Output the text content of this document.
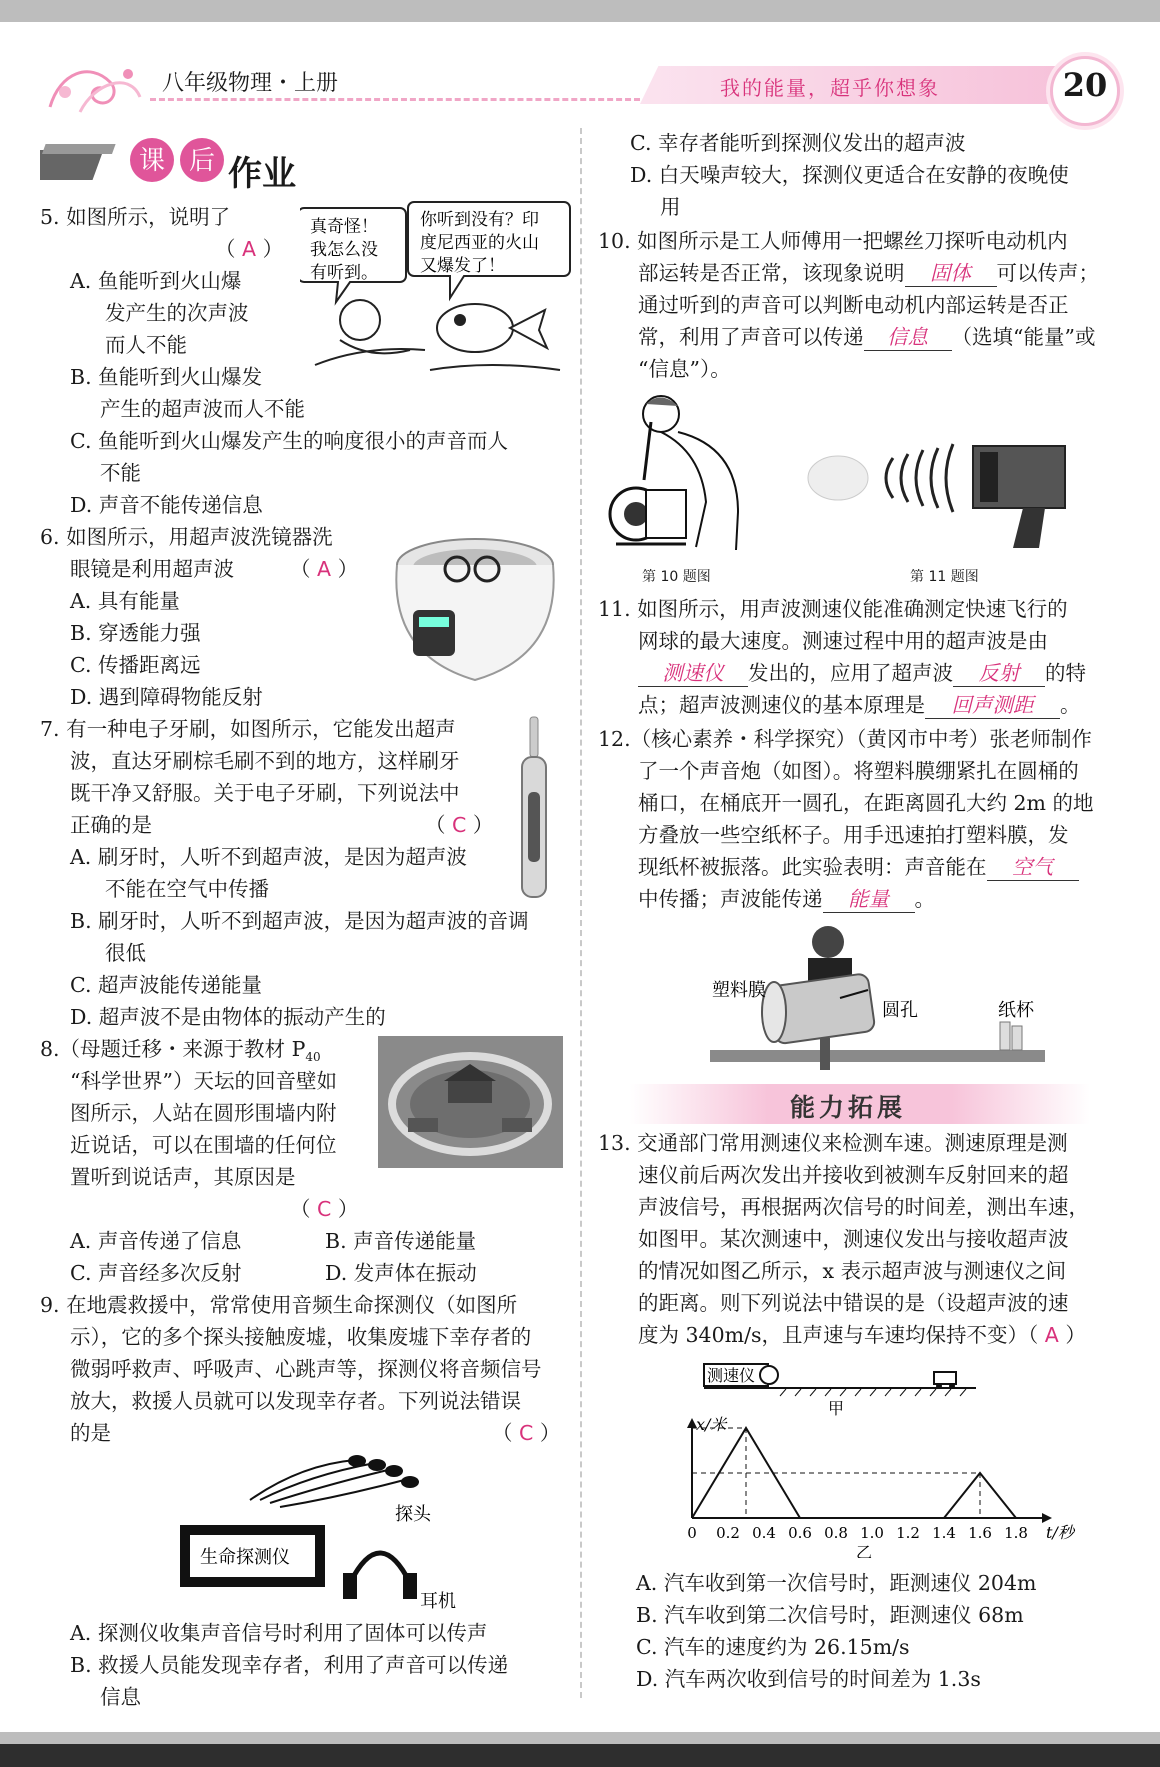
八年级物理・上册	我的能量，超乎你想象	20
课 后 作业
5. 如图所示，说明了
（ A ）
A. 鱼能听到火山爆
发产生的次声波
而人不能
B. 鱼能听到火山爆发
产生的超声波而人不能
C. 鱼能听到火山爆发产生的响度很小的声音而人
不能
D. 声音不能传递信息
真奇怪！
我怎么没
有听到。
你听到没有？印
度尼西亚的火山
又爆发了！
6. 如图所示，用超声波洗镜器洗
眼镜是利用超声波	（ A ）
A. 具有能量
B. 穿透能力强
C. 传播距离远
D. 遇到障碍物能反射
7. 有一种电子牙刷，如图所示，它能发出超声
波，直达牙刷棕毛刷不到的地方，这样刷牙
既干净又舒服。关于电子牙刷，下列说法中
正确的是	（ C ）
A. 刷牙时，人听不到超声波，是因为超声波
不能在空气中传播
B. 刷牙时，人听不到超声波，是因为超声波的音调
很低
C. 超声波能传递能量
D. 超声波不是由物体的振动产生的
8.（母题迁移・来源于教材 $P_{40}$
“科学世界”）天坛的回音壁如
图所示，人站在圆形围墙内附
近说话，可以在围墙的任何位
置听到说话声，其原因是
（ C ）
A. 声音传递了信息	B. 声音传递能量
C. 声音经多次反射	D. 发声体在振动
9. 在地震救援中，常常使用音频生命探测仪（如图所
示），它的多个探头接触废墟，收集废墟下幸存者的
微弱呼救声、呼吸声、心跳声等，探测仪将音频信号
放大，救援人员就可以发现幸存者。下列说法错误
的是	（ C ）
探头
生命探测仪
耳机
A. 探测仪收集声音信号时利用了固体可以传声
B. 救援人员能发现幸存者，利用了声音可以传递
信息
C. 幸存者能听到探测仪发出的超声波
D. 白天噪声较大，探测仪更适合在安静的夜晚使
用
10. 如图所示是工人师傅用一把螺丝刀探听电动机内
部运转是否正常，该现象说明 固体 可以传声；
通过听到的声音可以判断电动机内部运转是否正
常，利用了声音可以传递 信息 （选填“能量”或
“信息”）。
第 10 题图	第 11 题图
11. 如图所示，用声波测速仪能准确测定快速飞行的
网球的最大速度。测速过程中用的超声波是由
测速仪 发出的，应用了超声波 反射 的特
点；超声波测速仪的基本原理是 回声测距 。
12.（核心素养・科学探究）（黄冈市中考）张老师制作
了一个声音炮（如图）。将塑料膜绷紧扎在圆桶的
桶口，在桶底开一圆孔，在距离圆孔大约 2m 的地
方叠放一些空纸杯子。用手迅速拍打塑料膜，发
现纸杯被振落。此实验表明：声音能在 空气
中传播；声波能传递 能量 。
塑料膜
圆孔	纸杯
能力拓展
13. 交通部门常用测速仪来检测车速。测速原理是测
速仪前后两次发出并接收到被测车反射回来的超
声波信号，再根据两次信号的时间差，测出车速，
如图甲。某次测速中，测速仪发出与接收超声波
的情况如图乙所示，x 表示超声波与测速仪之间
的距离。则下列说法中错误的是（设超声波的速
度为 340m/s，且声速与车速均保持不变）（ A ）
测速仪
甲
x/米
t/秒
0 0.2 0.4 0.6 0.8 1.0 1.2 1.4 1.6 1.8
乙
A. 汽车收到第一次信号时，距测速仪 204m
B. 汽车收到第二次信号时，距测速仪 68m
C. 汽车的速度约为 26.15m/s
D. 汽车两次收到信号的时间差为 1.3s
